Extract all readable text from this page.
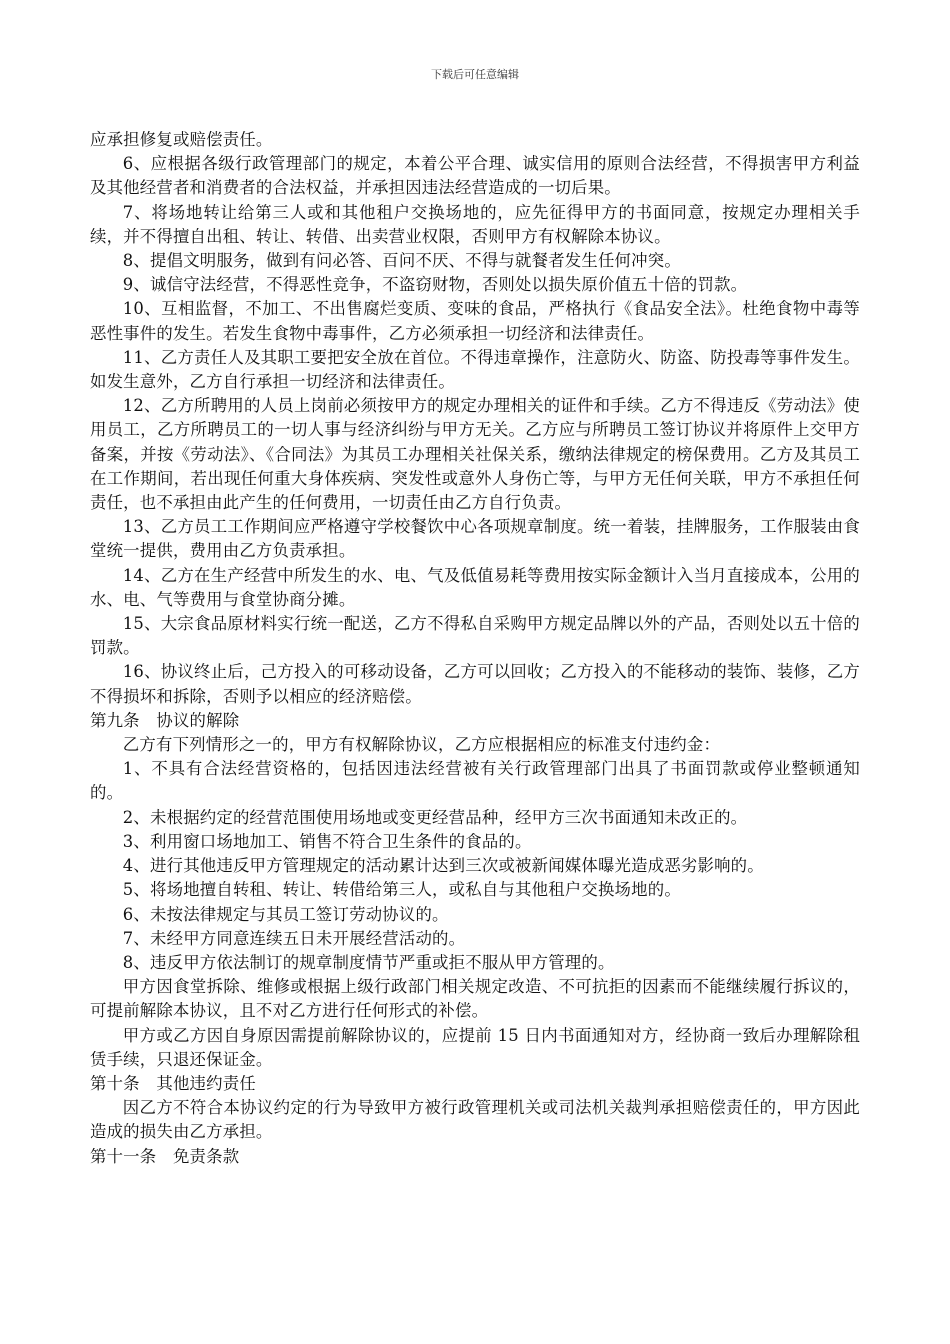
下载后可任意编辑

应承担修复或赔偿责任。

6、应根据各级行政管理部门的规定，本着公平合理、诚实信用的原则合法经营，不得损害甲方利益及其他经营者和消费者的合法权益，并承担因违法经营造成的一切后果。

7、将场地转让给第三人或和其他租户交换场地的，应先征得甲方的书面同意，按规定办理相关手续，并不得擅自出租、转让、转借、出卖营业权限，否则甲方有权解除本协议。

8、提倡文明服务，做到有问必答、百问不厌、不得与就餐者发生任何冲突。

9、诚信守法经营，不得恶性竞争，不盗窃财物，否则处以损失原价值五十倍的罚款。

10、互相监督，不加工、不出售腐烂变质、变味的食品，严格执行《食品安全法》。杜绝食物中毒等恶性事件的发生。若发生食物中毒事件，乙方必须承担一切经济和法律责任。

11、乙方责任人及其职工要把安全放在首位。不得违章操作，注意防火、防盗、防投毒等事件发生。如发生意外，乙方自行承担一切经济和法律责任。

12、乙方所聘用的人员上岗前必须按甲方的规定办理相关的证件和手续。乙方不得违反《劳动法》使用员工，乙方所聘员工的一切人事与经济纠纷与甲方无关。乙方应与所聘员工签订协议并将原件上交甲方备案，并按《劳动法》、《合同法》为其员工办理相关社保关系，缴纳法律规定的榜保费用。乙方及其员工在工作期间，若出现任何重大身体疾病、突发性或意外人身伤亡等，与甲方无任何关联，甲方不承担任何责任，也不承担由此产生的任何费用，一切责任由乙方自行负责。

13、乙方员工工作期间应严格遵守学校餐饮中心各项规章制度。统一着装，挂牌服务，工作服装由食堂统一提供，费用由乙方负责承担。

14、乙方在生产经营中所发生的水、电、气及低值易耗等费用按实际金额计入当月直接成本，公用的水、电、气等费用与食堂协商分摊。

15、大宗食品原材料实行统一配送，乙方不得私自采购甲方规定品牌以外的产品，否则处以五十倍的罚款。

16、协议终止后，己方投入的可移动设备，乙方可以回收；乙方投入的不能移动的装饰、装修，乙方不得损坏和拆除，否则予以相应的经济赔偿。

第九条　协议的解除

乙方有下列情形之一的，甲方有权解除协议，乙方应根据相应的标准支付违约金：

1、不具有合法经营资格的，包括因违法经营被有关行政管理部门出具了书面罚款或停业整顿通知的。

2、未根据约定的经营范围使用场地或变更经营品种，经甲方三次书面通知未改正的。

3、利用窗口场地加工、销售不符合卫生条件的食品的。

4、进行其他违反甲方管理规定的活动累计达到三次或被新闻媒体曝光造成恶劣影响的。

5、将场地擅自转租、转让、转借给第三人，或私自与其他租户交换场地的。

6、未按法律规定与其员工签订劳动协议的。

7、未经甲方同意连续五日未开展经营活动的。

8、违反甲方依法制订的规章制度情节严重或拒不服从甲方管理的。

甲方因食堂拆除、维修或根据上级行政部门相关规定改造、不可抗拒的因素而不能继续履行拆议的，可提前解除本协议，且不对乙方进行任何形式的补偿。

甲方或乙方因自身原因需提前解除协议的，应提前 15 日内书面通知对方，经协商一致后办理解除租赁手续，只退还保证金。

第十条　其他违约责任

因乙方不符合本协议约定的行为导致甲方被行政管理机关或司法机关裁判承担赔偿责任的，甲方因此造成的损失由乙方承担。

第十一条　免责条款
